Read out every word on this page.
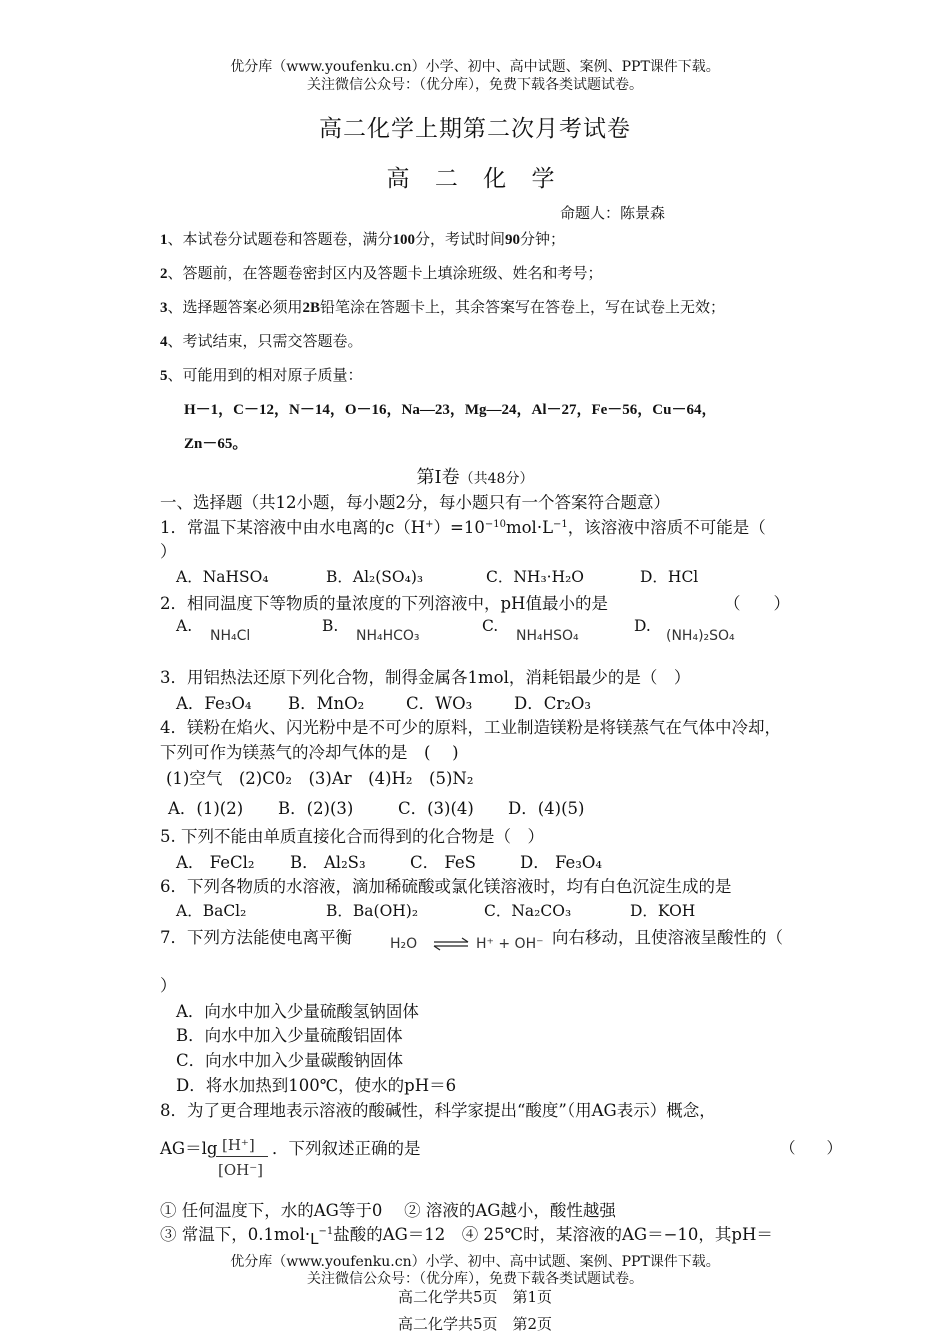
优分库（www.youfenku.cn）小学、初中、高中试题、案例、PPT课件下载。
关注微信公众号：（优分库），免费下载各类试题试卷。
高二化学上期第二次月考试卷
高 二 化 学
命题人：陈景森
1、本试卷分试题卷和答题卷，满分100分，考试时间90分钟；
2、答题前，在答题卷密封区内及答题卡上填涂班级、姓名和考号；
3、选择题答案必须用2B铅笔涂在答题卡上，其余答案写在答卷上，写在试卷上无效；
4、考试结束，只需交答题卷。
5、可能用到的相对原子质量：
H－1，C－12，N－14，O－16，Na—23，Mg—24，Al－27，Fe－56，Cu－64，
Zn－65。
第Ⅰ卷（共48分）
一、选择题（共12小题，每小题2分，每小题只有一个答案符合题意）
1．常温下某溶液中由水电离的$c(H^+)=10^{-10}mol\cdot L^{-1}$，该溶液中溶质不可能是（
）
A．NaHSO₄	B．Al₂(SO₄)₃	C．NH₃·H₂O	D．HCl
2．相同温度下等物质的量浓度的下列溶液中，pH值最小的是	（　　）
A.
NH₄Cl
B.
NH₄HCO₃
C.
NH₄HSO₄
D.
(NH₄)₂SO₄
3．用铝热法还原下列化合物，制得金属各1mol，消耗铝最少的是（　）
A．Fe₃O₄ B．MnO₂	C．WO₃	D．Cr₂O₃
4．镁粉在焰火、闪光粉中是不可少的原料，工业制造镁粉是将镁蒸气在气体中冷却，
下列可作为镁蒸气的冷却气体的是　(　 )
(1)空气　(2)C0₂　(3)Ar　(4)H₂　(5)N₂
A．(1)(2) B．(2)(3)	C．(3)(4) D．(4)(5)
5. 下列不能由单质直接化合而得到的化合物是（　）
A． FeCl₂ B． Al₂S₃	C． FeS	D． Fe₃O₄
6．下列各物质的水溶液，滴加稀硫酸或氯化镁溶液时，均有白色沉淀生成的是
A．BaCl₂	B．Ba(OH)₂	C．Na₂CO₃	D．KOH
7．下列方法能使电离平衡	H₂O ⇌ H⁺ + OH⁻ 向右移动，且使溶液呈酸性的（
）
A．向水中加入少量硫酸氢钠固体
B．向水中加入少量硫酸铝固体
C．向水中加入少量碳酸钠固体
D．将水加热到100℃，使水的pH＝6
8．为了更合理地表示溶液的酸碱性，科学家提出“酸度”（用AG表示）概念，
AG＝lg [H⁺]
[OH⁻]
．下列叙述正确的是	（　　）
① 任何温度下，水的AG等于0　 ② 溶液的AG越小，酸性越强
③ 常温下，$0.1mol\cdot L^{-1}$盐酸的AG＝12　④ 25℃时，某溶液的AG＝−10，其pH＝
优分库（www.youfenku.cn）小学、初中、高中试题、案例、PPT课件下载。
关注微信公众号：（优分库），免费下载各类试题试卷。
高二化学共5页　第1页
高二化学共5页　第2页
